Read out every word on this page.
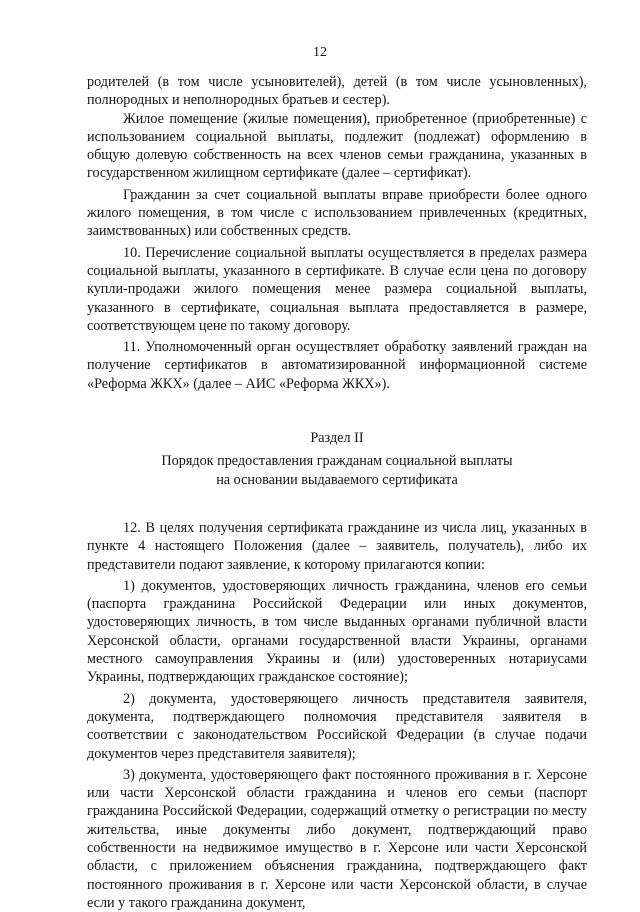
12

родителей (в том числе усыновителей), детей (в том числе усыновленных), полнородных и неполнородных братьев и сестер).

Жилое помещение (жилые помещения), приобретенное (приобретенные) с использованием социальной выплаты, подлежит (подлежат) оформлению в общую долевую собственность на всех членов семьи гражданина, указанных в государственном жилищном сертификате (далее – сертификат).

Гражданин за счет социальной выплаты вправе приобрести более одного жилого помещения, в том числе с использованием привлеченных (кредитных, заимствованных) или собственных средств.

10. Перечисление социальной выплаты осуществляется в пределах размера социальной выплаты, указанного в сертификате. В случае если цена по договору купли-продажи жилого помещения менее размера социальной выплаты, указанного в сертификате, социальная выплата предоставляется в размере, соответствующем цене по такому договору.

11. Уполномоченный орган осуществляет обработку заявлений граждан на получение сертификатов в автоматизированной информационной системе «Реформа ЖКХ» (далее – АИС «Реформа ЖКХ»).

Раздел II
Порядок предоставления гражданам социальной выплаты
на основании выдаваемого сертификата

12. В целях получения сертификата гражданине из числа лиц, указанных в пункте 4 настоящего Положения (далее – заявитель, получатель), либо их представители подают заявление, к которому прилагаются копии:

1) документов, удостоверяющих личность гражданина, членов его семьи (паспорта гражданина Российской Федерации или иных документов, удостоверяющих личность, в том числе выданных органами публичной власти Херсонской области, органами государственной власти Украины, органами местного самоуправления Украины и (или) удостоверенных нотариусами Украины, подтверждающих гражданское состояние);

2) документа, удостоверяющего личность представителя заявителя, документа, подтверждающего полномочия представителя заявителя в соответствии с законодательством Российской Федерации (в случае подачи документов через представителя заявителя);

3) документа, удостоверяющего факт постоянного проживания в г. Херсоне или части Херсонской области гражданина и членов его семьи (паспорт гражданина Российской Федерации, содержащий отметку о регистрации по месту жительства, иные документы либо документ, подтверждающий право собственности на недвижимое имущество в г. Херсоне или части Херсонской области, с приложением объяснения гражданина, подтверждающего факт постоянного проживания в г. Херсоне или части Херсонской области, в случае если у такого гражданина документ,
